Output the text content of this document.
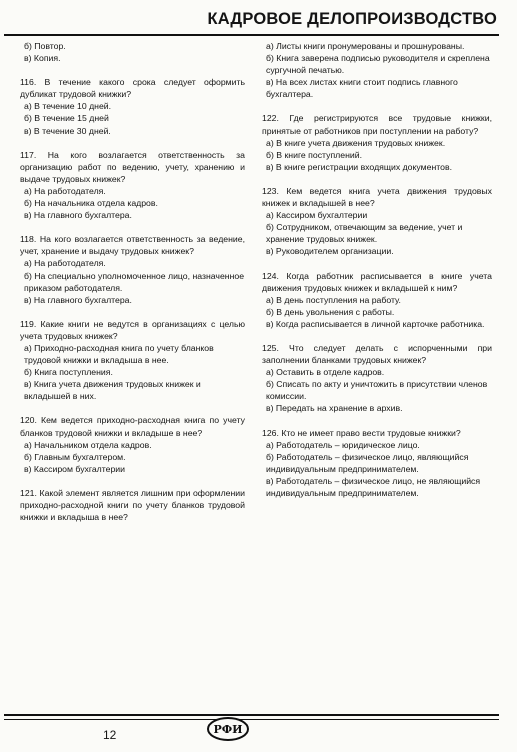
КАДРОВОЕ ДЕЛОПРОИЗВОДСТВО
б) Повтор.
в) Копия.
116. В течение какого срока следует оформить дубликат трудовой книжки?
а) В течение 10 дней.
б) В течение 15 дней
в) В течение 30 дней.
117. На кого возлагается ответственность за организацию работ по ведению, учету, хранению и выдаче трудовых книжек?
а) На работодателя.
б) На начальника отдела кадров.
в) На главного бухгалтера.
118. На кого возлагается ответственность за ведение, учет, хранение и выдачу трудовых книжек?
а) На работодателя.
б) На специально уполномоченное лицо, назначенное приказом работодателя.
в) На главного бухгалтера.
119. Какие книги не ведутся в организациях с целью учета трудовых книжек?
а) Приходно-расходная книга по учету бланков трудовой книжки и вкладыша в нее.
б) Книга поступления.
в) Книга учета движения трудовых книжек и вкладышей в них.
120. Кем ведется приходно-расходная книга по учету бланков трудовой книжки и вкладыше в нее?
а) Начальником отдела кадров.
б) Главным бухгалтером.
в) Кассиром бухгалтерии
121. Какой элемент является лишним при оформлении приходно-расходной книги по учету бланков трудовой книжки и вкладыша в нее?
а) Листы книги пронумерованы и прошнурованы.
б) Книга заверена подписью руководителя и скреплена сургучной печатью.
в) На всех листах книги стоит подпись главного бухгалтера.
122. Где регистрируются все трудовые книжки, принятые от работников при поступлении на работу?
а) В книге учета движения трудовых книжек.
б) В книге поступлений.
в) В книге регистрации входящих документов.
123. Кем ведется книга учета движения трудовых книжек и вкладышей в нее?
а) Кассиром бухгалтерии
б) Сотрудником, отвечающим за ведение, учет и хранение трудовых книжек.
в) Руководителем организации.
124. Когда работник расписывается в книге учета движения трудовых книжек и вкладышей к ним?
а) В день поступления на работу.
б) В день увольнения с работы.
в) Когда расписывается в личной карточке работника.
125. Что следует делать с испорченными при заполнении бланками трудовых книжек?
а) Оставить в отделе кадров.
б) Списать по акту и уничтожить в присутствии членов комиссии.
в) Передать на хранение в архив.
126. Кто не имеет право вести трудовые книжки?
а) Работодатель – юридическое лицо.
б) Работодатель – физическое лицо, являющийся индивидуальным предпринимателем.
в) Работодатель – физическое лицо, не являющийся индивидуальным предпринимателем.
12	РФИ
